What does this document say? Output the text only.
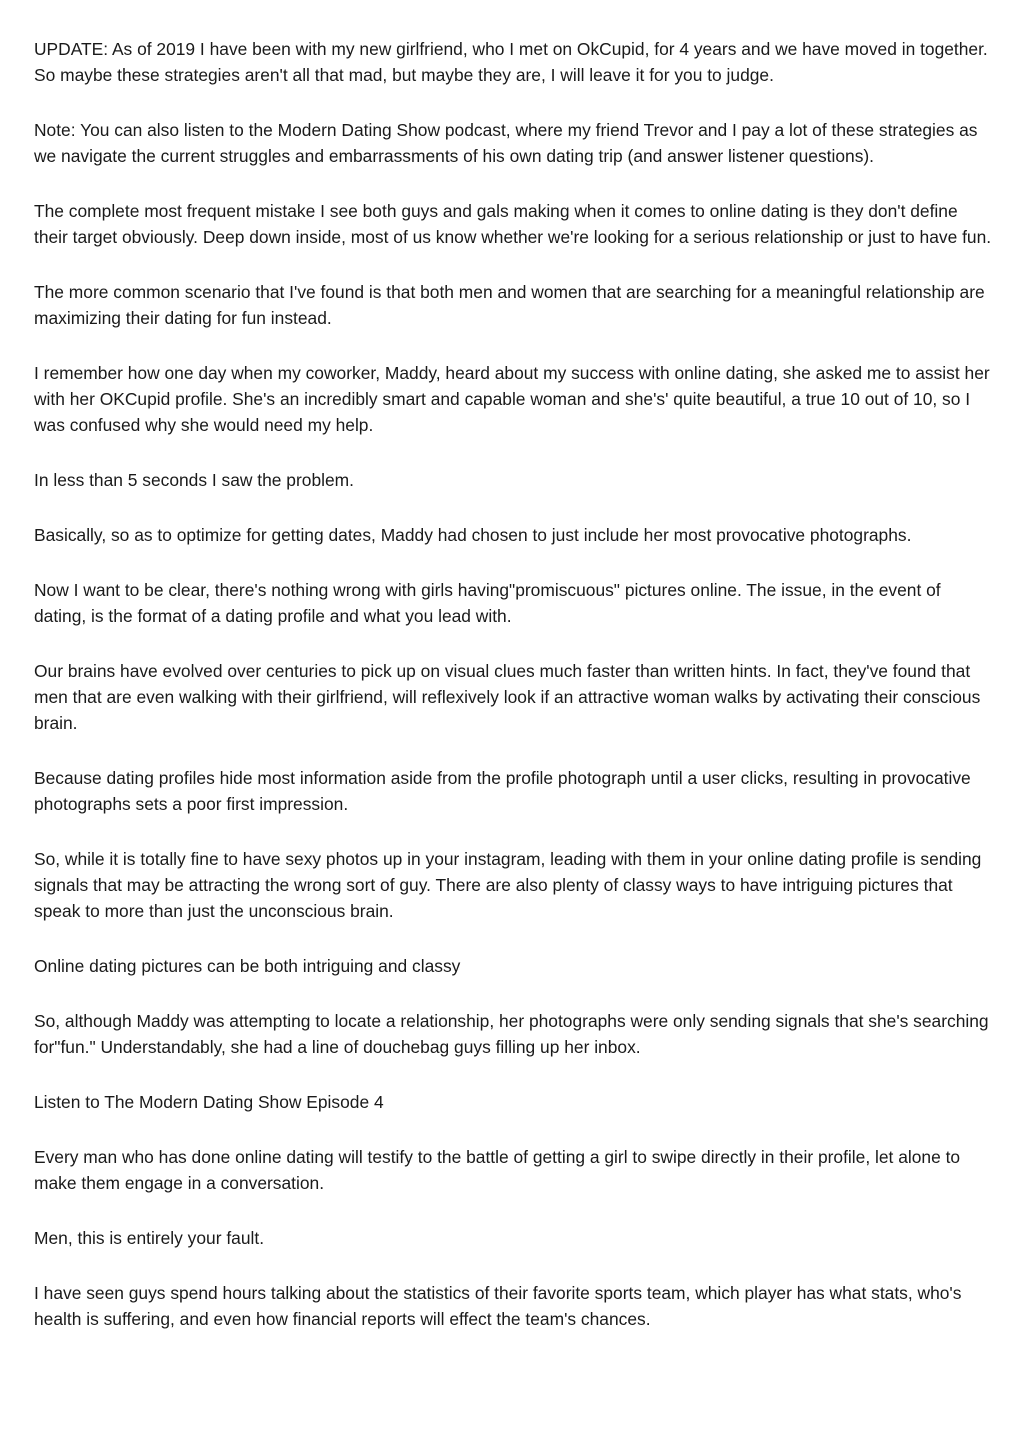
UPDATE: As of 2019 I have been with my new girlfriend, who I met on OkCupid, for 4 years and we have moved in together. So maybe these strategies aren't all that mad, but maybe they are, I will leave it for you to judge.

Note: You can also listen to the Modern Dating Show podcast, where my friend Trevor and I pay a lot of these strategies as we navigate the current struggles and embarrassments of his own dating trip (and answer listener questions).

The complete most frequent mistake I see both guys and gals making when it comes to online dating is they don't define their target obviously. Deep down inside, most of us know whether we're looking for a serious relationship or just to have fun.

The more common scenario that I've found is that both men and women that are searching for a meaningful relationship are maximizing their dating for fun instead.

I remember how one day when my coworker, Maddy, heard about my success with online dating, she asked me to assist her with her OKCupid profile. She's an incredibly smart and capable woman and she's' quite beautiful, a true 10 out of 10, so I was confused why she would need my help.

In less than 5 seconds I saw the problem.

Basically, so as to optimize for getting dates, Maddy had chosen to just include her most provocative photographs.

Now I want to be clear, there's nothing wrong with girls having"promiscuous" pictures online. The issue, in the event of dating, is the format of a dating profile and what you lead with.

Our brains have evolved over centuries to pick up on visual clues much faster than written hints. In fact, they've found that men that are even walking with their girlfriend, will reflexively look if an attractive woman walks by activating their conscious brain.

Because dating profiles hide most information aside from the profile photograph until a user clicks, resulting in provocative photographs sets a poor first impression.

So, while it is totally fine to have sexy photos up in your instagram, leading with them in your online dating profile is sending signals that may be attracting the wrong sort of guy. There are also plenty of classy ways to have intriguing pictures that speak to more than just the unconscious brain.

Online dating pictures can be both intriguing and classy

So, although Maddy was attempting to locate a relationship, her photographs were only sending signals that she's searching for"fun." Understandably, she had a line of douchebag guys filling up her inbox.

Listen to The Modern Dating Show Episode 4

Every man who has done online dating will testify to the battle of getting a girl to swipe directly in their profile, let alone to make them engage in a conversation.

Men, this is entirely your fault.

I have seen guys spend hours talking about the statistics of their favorite sports team, which player has what stats, who's health is suffering, and even how financial reports will effect the team's chances.
